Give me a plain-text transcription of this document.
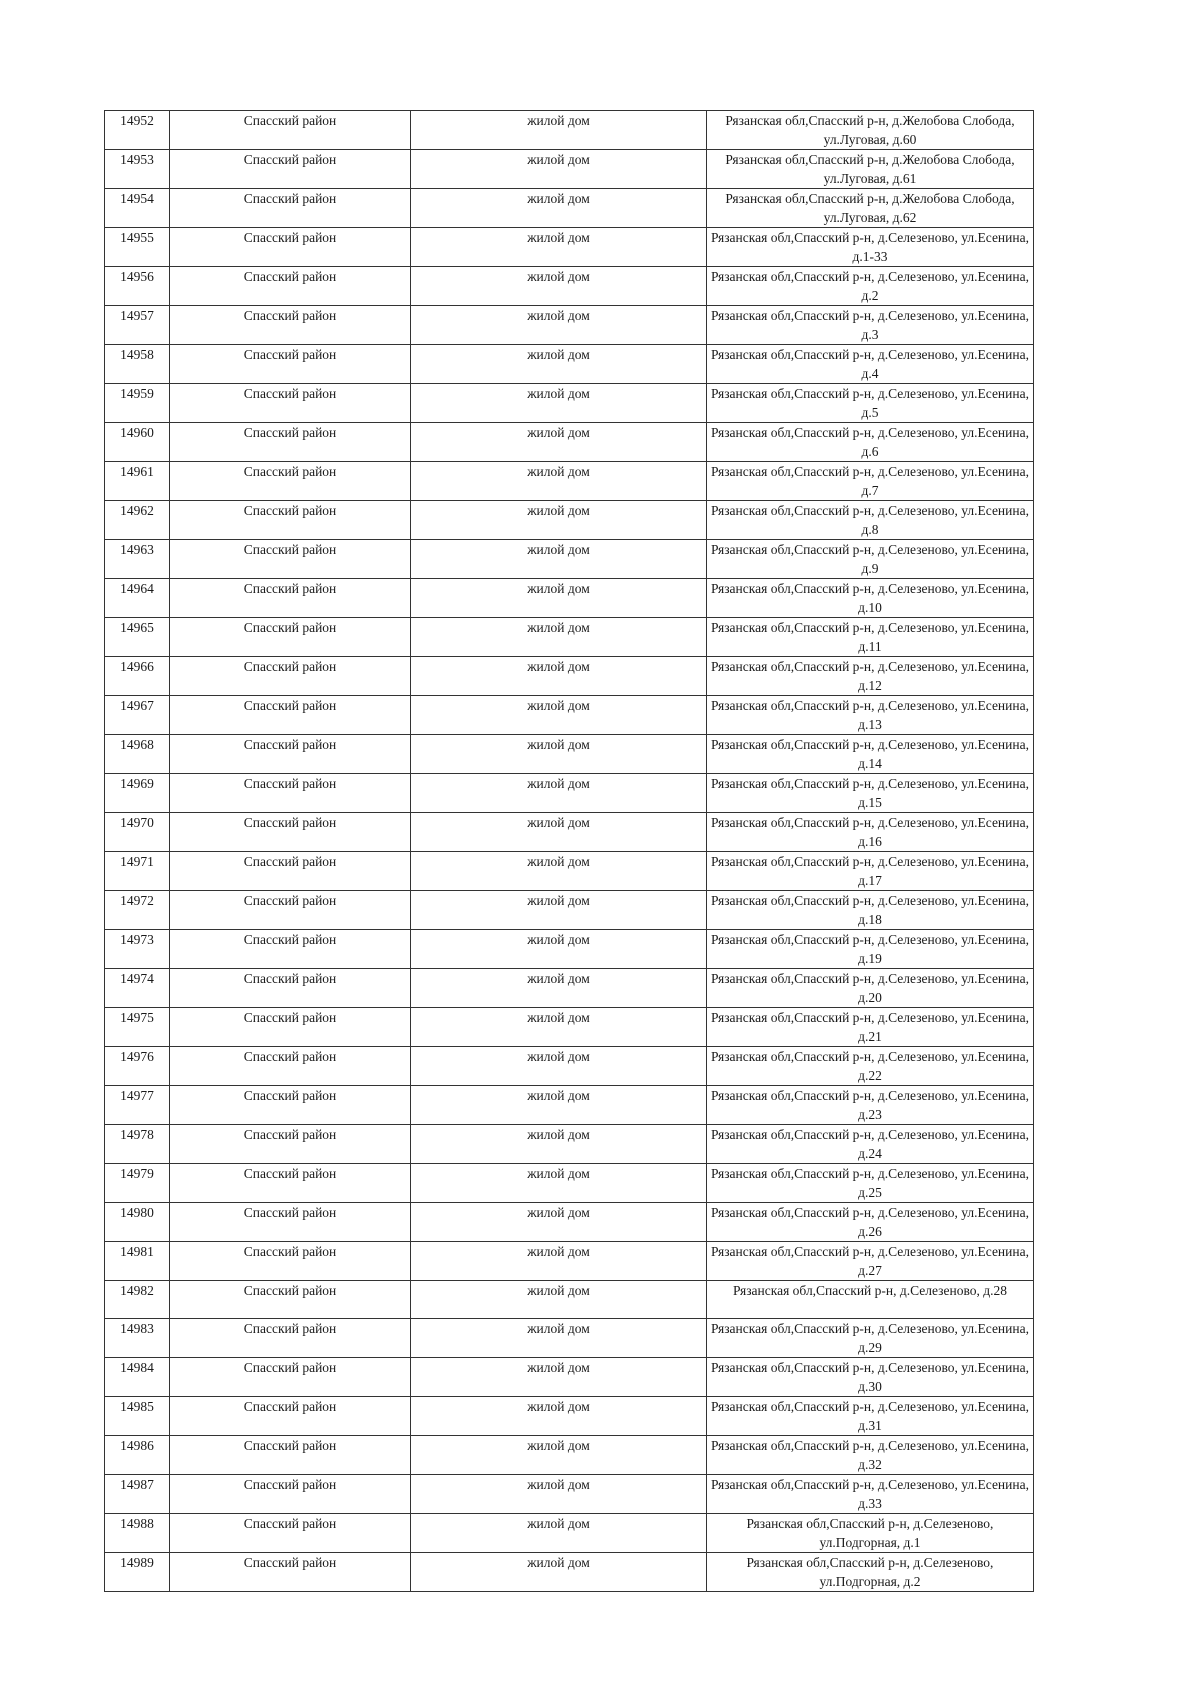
14952	Спасский район	жилой дом	Рязанская обл,Спасский р-н, д.Желобова Слобода, ул.Луговая, д.60
14953	Спасский район	жилой дом	Рязанская обл,Спасский р-н, д.Желобова Слобода, ул.Луговая, д.61
14954	Спасский район	жилой дом	Рязанская обл,Спасский р-н, д.Желобова Слобода, ул.Луговая, д.62
14955	Спасский район	жилой дом	Рязанская обл,Спасский р-н, д.Селезеново, ул.Есенина, д.1-33
14956	Спасский район	жилой дом	Рязанская обл,Спасский р-н, д.Селезеново, ул.Есенина, д.2
14957	Спасский район	жилой дом	Рязанская обл,Спасский р-н, д.Селезеново, ул.Есенина, д.3
14958	Спасский район	жилой дом	Рязанская обл,Спасский р-н, д.Селезеново, ул.Есенина, д.4
14959	Спасский район	жилой дом	Рязанская обл,Спасский р-н, д.Селезеново, ул.Есенина, д.5
14960	Спасский район	жилой дом	Рязанская обл,Спасский р-н, д.Селезеново, ул.Есенина, д.6
14961	Спасский район	жилой дом	Рязанская обл,Спасский р-н, д.Селезеново, ул.Есенина, д.7
14962	Спасский район	жилой дом	Рязанская обл,Спасский р-н, д.Селезеново, ул.Есенина, д.8
14963	Спасский район	жилой дом	Рязанская обл,Спасский р-н, д.Селезеново, ул.Есенина, д.9
14964	Спасский район	жилой дом	Рязанская обл,Спасский р-н, д.Селезеново, ул.Есенина, д.10
14965	Спасский район	жилой дом	Рязанская обл,Спасский р-н, д.Селезеново, ул.Есенина, д.11
14966	Спасский район	жилой дом	Рязанская обл,Спасский р-н, д.Селезеново, ул.Есенина, д.12
14967	Спасский район	жилой дом	Рязанская обл,Спасский р-н, д.Селезеново, ул.Есенина, д.13
14968	Спасский район	жилой дом	Рязанская обл,Спасский р-н, д.Селезеново, ул.Есенина, д.14
14969	Спасский район	жилой дом	Рязанская обл,Спасский р-н, д.Селезеново, ул.Есенина, д.15
14970	Спасский район	жилой дом	Рязанская обл,Спасский р-н, д.Селезеново, ул.Есенина, д.16
14971	Спасский район	жилой дом	Рязанская обл,Спасский р-н, д.Селезеново, ул.Есенина, д.17
14972	Спасский район	жилой дом	Рязанская обл,Спасский р-н, д.Селезеново, ул.Есенина, д.18
14973	Спасский район	жилой дом	Рязанская обл,Спасский р-н, д.Селезеново, ул.Есенина, д.19
14974	Спасский район	жилой дом	Рязанская обл,Спасский р-н, д.Селезеново, ул.Есенина, д.20
14975	Спасский район	жилой дом	Рязанская обл,Спасский р-н, д.Селезеново, ул.Есенина, д.21
14976	Спасский район	жилой дом	Рязанская обл,Спасский р-н, д.Селезеново, ул.Есенина, д.22
14977	Спасский район	жилой дом	Рязанская обл,Спасский р-н, д.Селезеново, ул.Есенина, д.23
14978	Спасский район	жилой дом	Рязанская обл,Спасский р-н, д.Селезеново, ул.Есенина, д.24
14979	Спасский район	жилой дом	Рязанская обл,Спасский р-н, д.Селезеново, ул.Есенина, д.25
14980	Спасский район	жилой дом	Рязанская обл,Спасский р-н, д.Селезеново, ул.Есенина, д.26
14981	Спасский район	жилой дом	Рязанская обл,Спасский р-н, д.Селезеново, ул.Есенина, д.27
14982	Спасский район	жилой дом	Рязанская обл,Спасский р-н, д.Селезеново, д.28
14983	Спасский район	жилой дом	Рязанская обл,Спасский р-н, д.Селезеново, ул.Есенина, д.29
14984	Спасский район	жилой дом	Рязанская обл,Спасский р-н, д.Селезеново, ул.Есенина, д.30
14985	Спасский район	жилой дом	Рязанская обл,Спасский р-н, д.Селезеново, ул.Есенина, д.31
14986	Спасский район	жилой дом	Рязанская обл,Спасский р-н, д.Селезеново, ул.Есенина, д.32
14987	Спасский район	жилой дом	Рязанская обл,Спасский р-н, д.Селезеново, ул.Есенина, д.33
14988	Спасский район	жилой дом	Рязанская обл,Спасский р-н, д.Селезеново, ул.Подгорная, д.1
14989	Спасский район	жилой дом	Рязанская обл,Спасский р-н, д.Селезеново, ул.Подгорная, д.2
